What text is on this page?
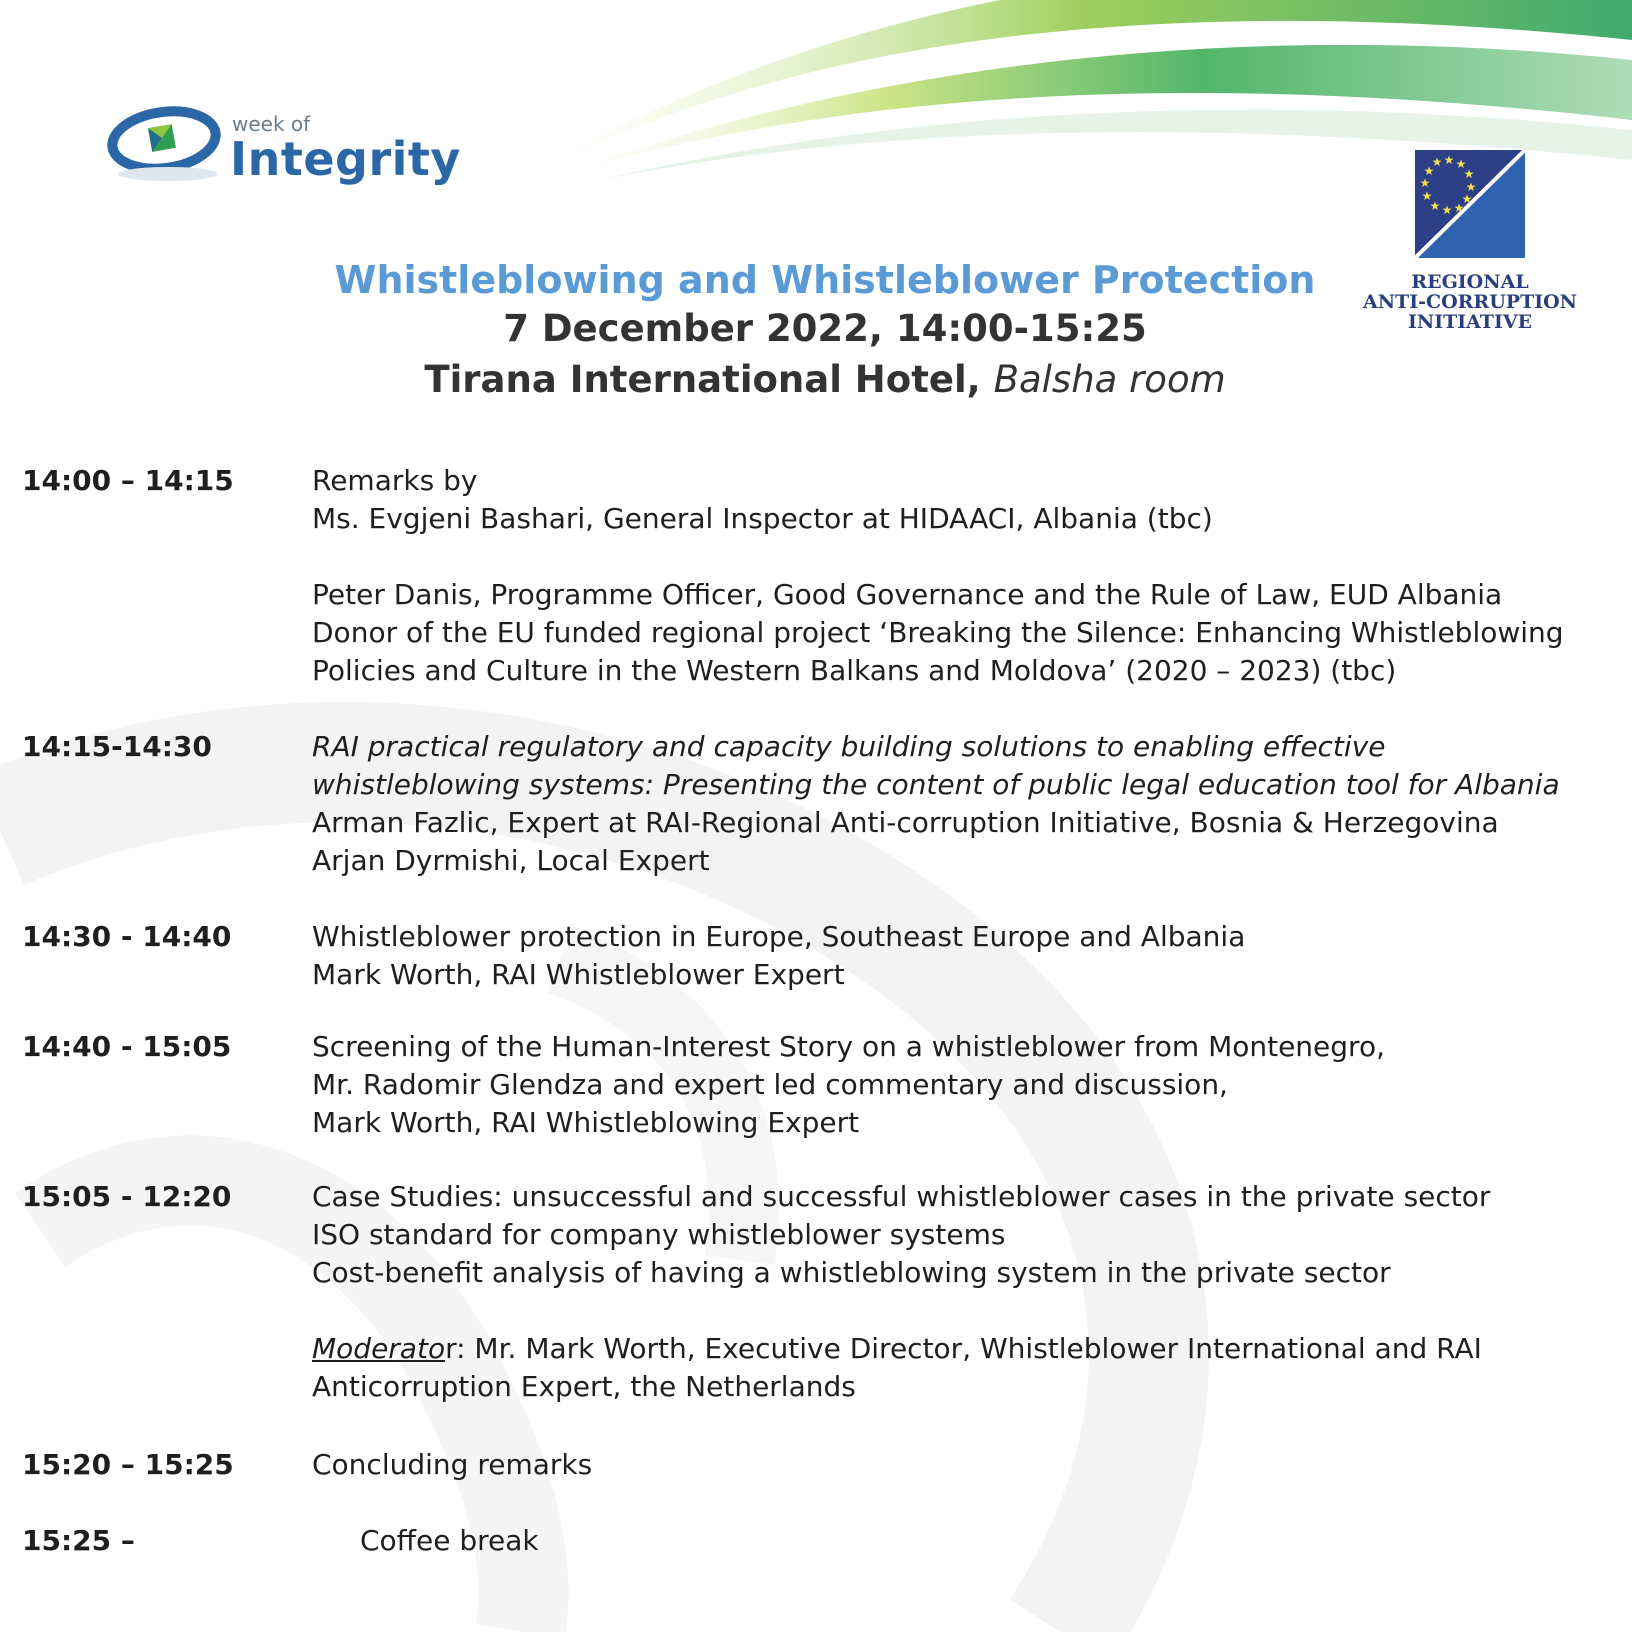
week of
Integrity	★ ★
★
★
★
★
★
★
★
★
★
★
REGIONAL
ANTI-CORRUPTION
INITIATIVE
Whistleblowing and Whistleblower Protection
7 December 2022, 14:00-15:25
Tirana International Hotel, Balsha room
14:00 – 14:15	Remarks by
Ms. Evgjeni Bashari, General Inspector at HIDAACI, Albania (tbc)
Peter Danis, Programme Officer, Good Governance and the Rule of Law, EUD Albania
Donor of the EU funded regional project ‘Breaking the Silence: Enhancing Whistleblowing
Policies and Culture in the Western Balkans and Moldova’ (2020 – 2023) (tbc)
14:15-14:30	RAI practical regulatory and capacity building solutions to enabling effective
whistleblowing systems: Presenting the content of public legal education tool for Albania
Arman Fazlic, Expert at RAI-Regional Anti-corruption Initiative, Bosnia & Herzegovina
Arjan Dyrmishi, Local Expert
14:30 - 14:40	Whistleblower protection in Europe, Southeast Europe and Albania
Mark Worth, RAI Whistleblower Expert
14:40 - 15:05	Screening of the Human-Interest Story on a whistleblower from Montenegro,
Mr. Radomir Glendza and expert led commentary and discussion,
Mark Worth, RAI Whistleblowing Expert
15:05 - 12:20	Case Studies: unsuccessful and successful whistleblower cases in the private sector
ISO standard for company whistleblower systems
Cost-benefit analysis of having a whistleblowing system in the private sector
Moderator: Mr. Mark Worth, Executive Director, Whistleblower International and RAI
Anticorruption Expert, the Netherlands
15:20 – 15:25	Concluding remarks
15:25 –	Coffee break
